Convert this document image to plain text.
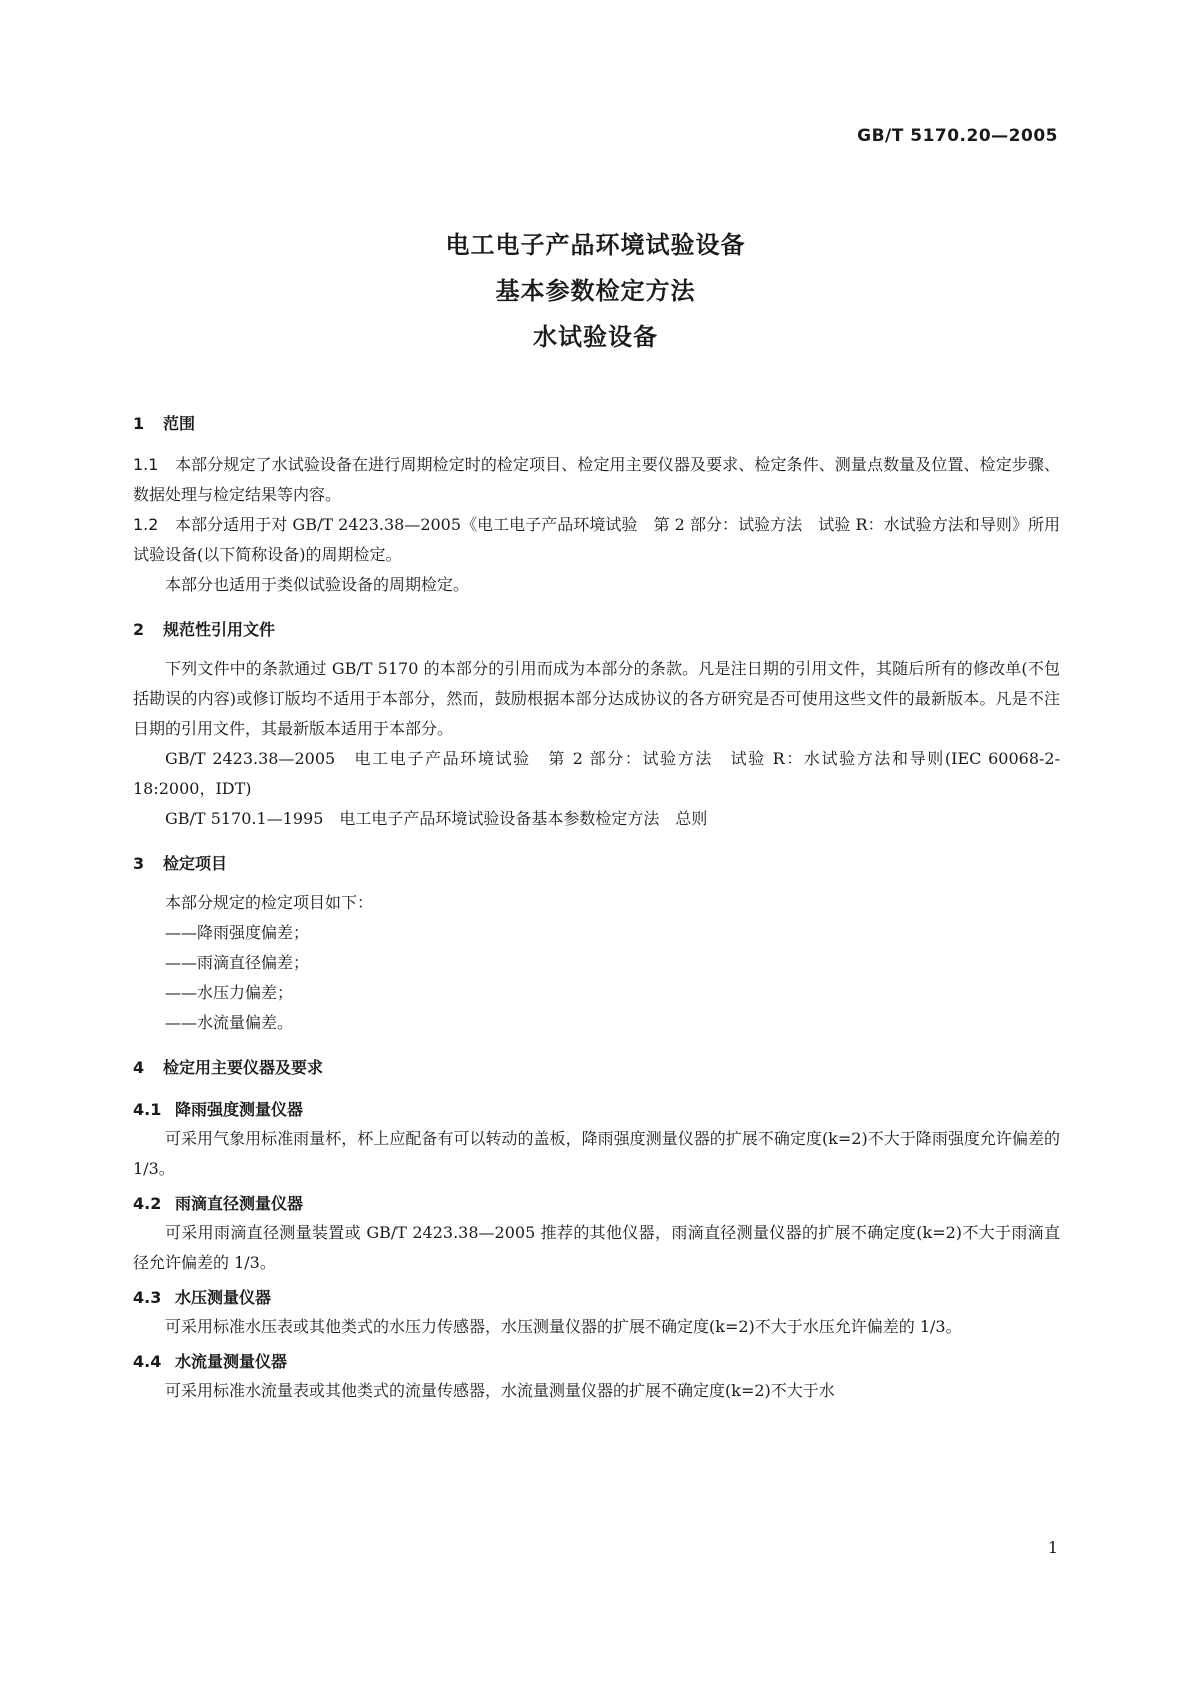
GB/T 5170.20—2005
电工电子产品环境试验设备
基本参数检定方法
水试验设备
1 范围

1.1 本部分规定了水试验设备在进行周期检定时的检定项目、检定用主要仪器及要求、检定条件、测量点数量及位置、检定步骤、数据处理与检定结果等内容。

1.2 本部分适用于对 GB/T 2423.38—2005《电工电子产品环境试验　第 2 部分：试验方法　试验 R：水试验方法和导则》所用试验设备(以下简称设备)的周期检定。

本部分也适用于类似试验设备的周期检定。

2 规范性引用文件

下列文件中的条款通过 GB/T 5170 的本部分的引用而成为本部分的条款。凡是注日期的引用文件，其随后所有的修改单(不包括勘误的内容)或修订版均不适用于本部分，然而，鼓励根据本部分达成协议的各方研究是否可使用这些文件的最新版本。凡是不注日期的引用文件，其最新版本适用于本部分。

GB/T 2423.38—2005　电工电子产品环境试验　第 2 部分：试验方法　试验 R：水试验方法和导则(IEC 60068-2-18:2000，IDT)

GB/T 5170.1—1995　电工电子产品环境试验设备基本参数检定方法　总则

3 检定项目

本部分规定的检定项目如下：

——降雨强度偏差；
——雨滴直径偏差；
——水压力偏差；
——水流量偏差。
4 检定用主要仪器及要求
4.1 降雨强度测量仪器

可采用气象用标准雨量杯，杯上应配备有可以转动的盖板，降雨强度测量仪器的扩展不确定度(k=2)不大于降雨强度允许偏差的 1/3。

4.2 雨滴直径测量仪器

可采用雨滴直径测量装置或 GB/T 2423.38—2005 推荐的其他仪器，雨滴直径测量仪器的扩展不确定度(k=2)不大于雨滴直径允许偏差的 1/3。

4.3 水压测量仪器

可采用标准水压表或其他类式的水压力传感器，水压测量仪器的扩展不确定度(k=2)不大于水压允许偏差的 1/3。

4.4 水流量测量仪器

可采用标准水流量表或其他类式的流量传感器，水流量测量仪器的扩展不确定度(k=2)不大于水

1
